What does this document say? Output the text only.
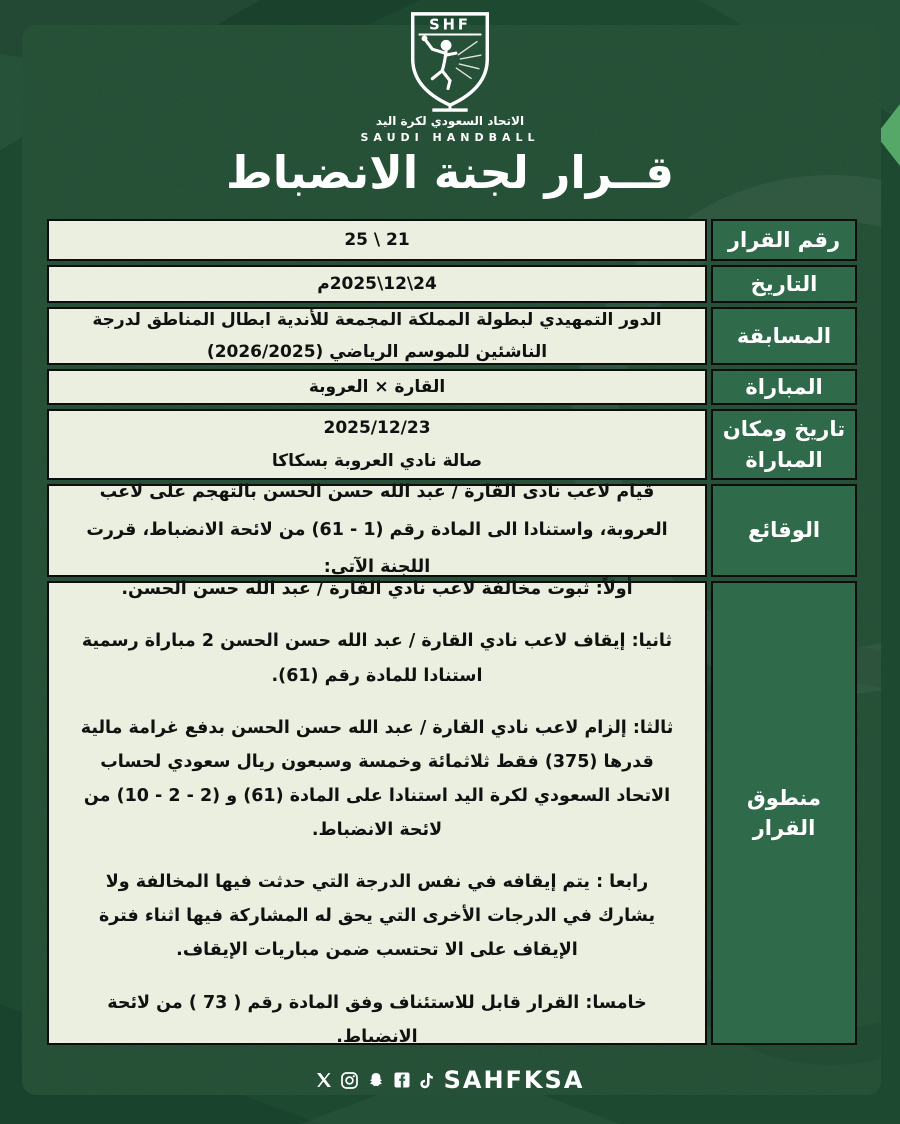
SHF
الاتحاد السعودي لكرة اليد
SAUDI HANDBALL
قــرار لجنة الانضباط
رقم القرار
21 \ 25
التاريخ
24\12\2025م
المسابقة
الدور التمهيدي لبطولة المملكة المجمعة للأندية ابطال المناطق لدرجة الناشئين للموسم الرياضي (2026/2025)
المباراة
القارة × العروبة
تاريخ ومكان المباراة
2025/12/23
صالة نادي العروبة بسكاكا
الوقائع
قيام لاعب نادى القارة / عبد الله حسن الحسن بالتهجم على لاعب العروبة، واستنادا الى المادة رقم ‪(61 - 1)‬ من لائحة الانضباط، قررت اللجنة الآتي:
منطوق القرار

أولاً: ثبوت مخالفة لاعب نادي القارة / عبد الله حسن الحسن.

ثانيا: إيقاف لاعب نادي القارة / عبد الله حسن الحسن 2 مباراة رسمية استنادا للمادة رقم (61).

ثالثا: إلزام لاعب نادي القارة / عبد الله حسن الحسن بدفع غرامة مالية قدرها (375) فقط ثلاثمائة وخمسة وسبعون ريال سعودي لحساب الاتحاد السعودي لكرة اليد استنادا على المادة (61) و ‪(10 - 2 - 2)‬ من لائحة الانضباط.

رابعا : يتم إيقافه في نفس الدرجة التي حدثت فيها المخالفة ولا يشارك في الدرجات الأخرى التي يحق له المشاركة فيها اثناء فترة الإيقاف على الا تحتسب ضمن مباريات الإيقاف.

خامسا: القرار قابل للاستئناف وفق المادة رقم ( 73 ) من لائحة الانضباط.

SAHFKSA
